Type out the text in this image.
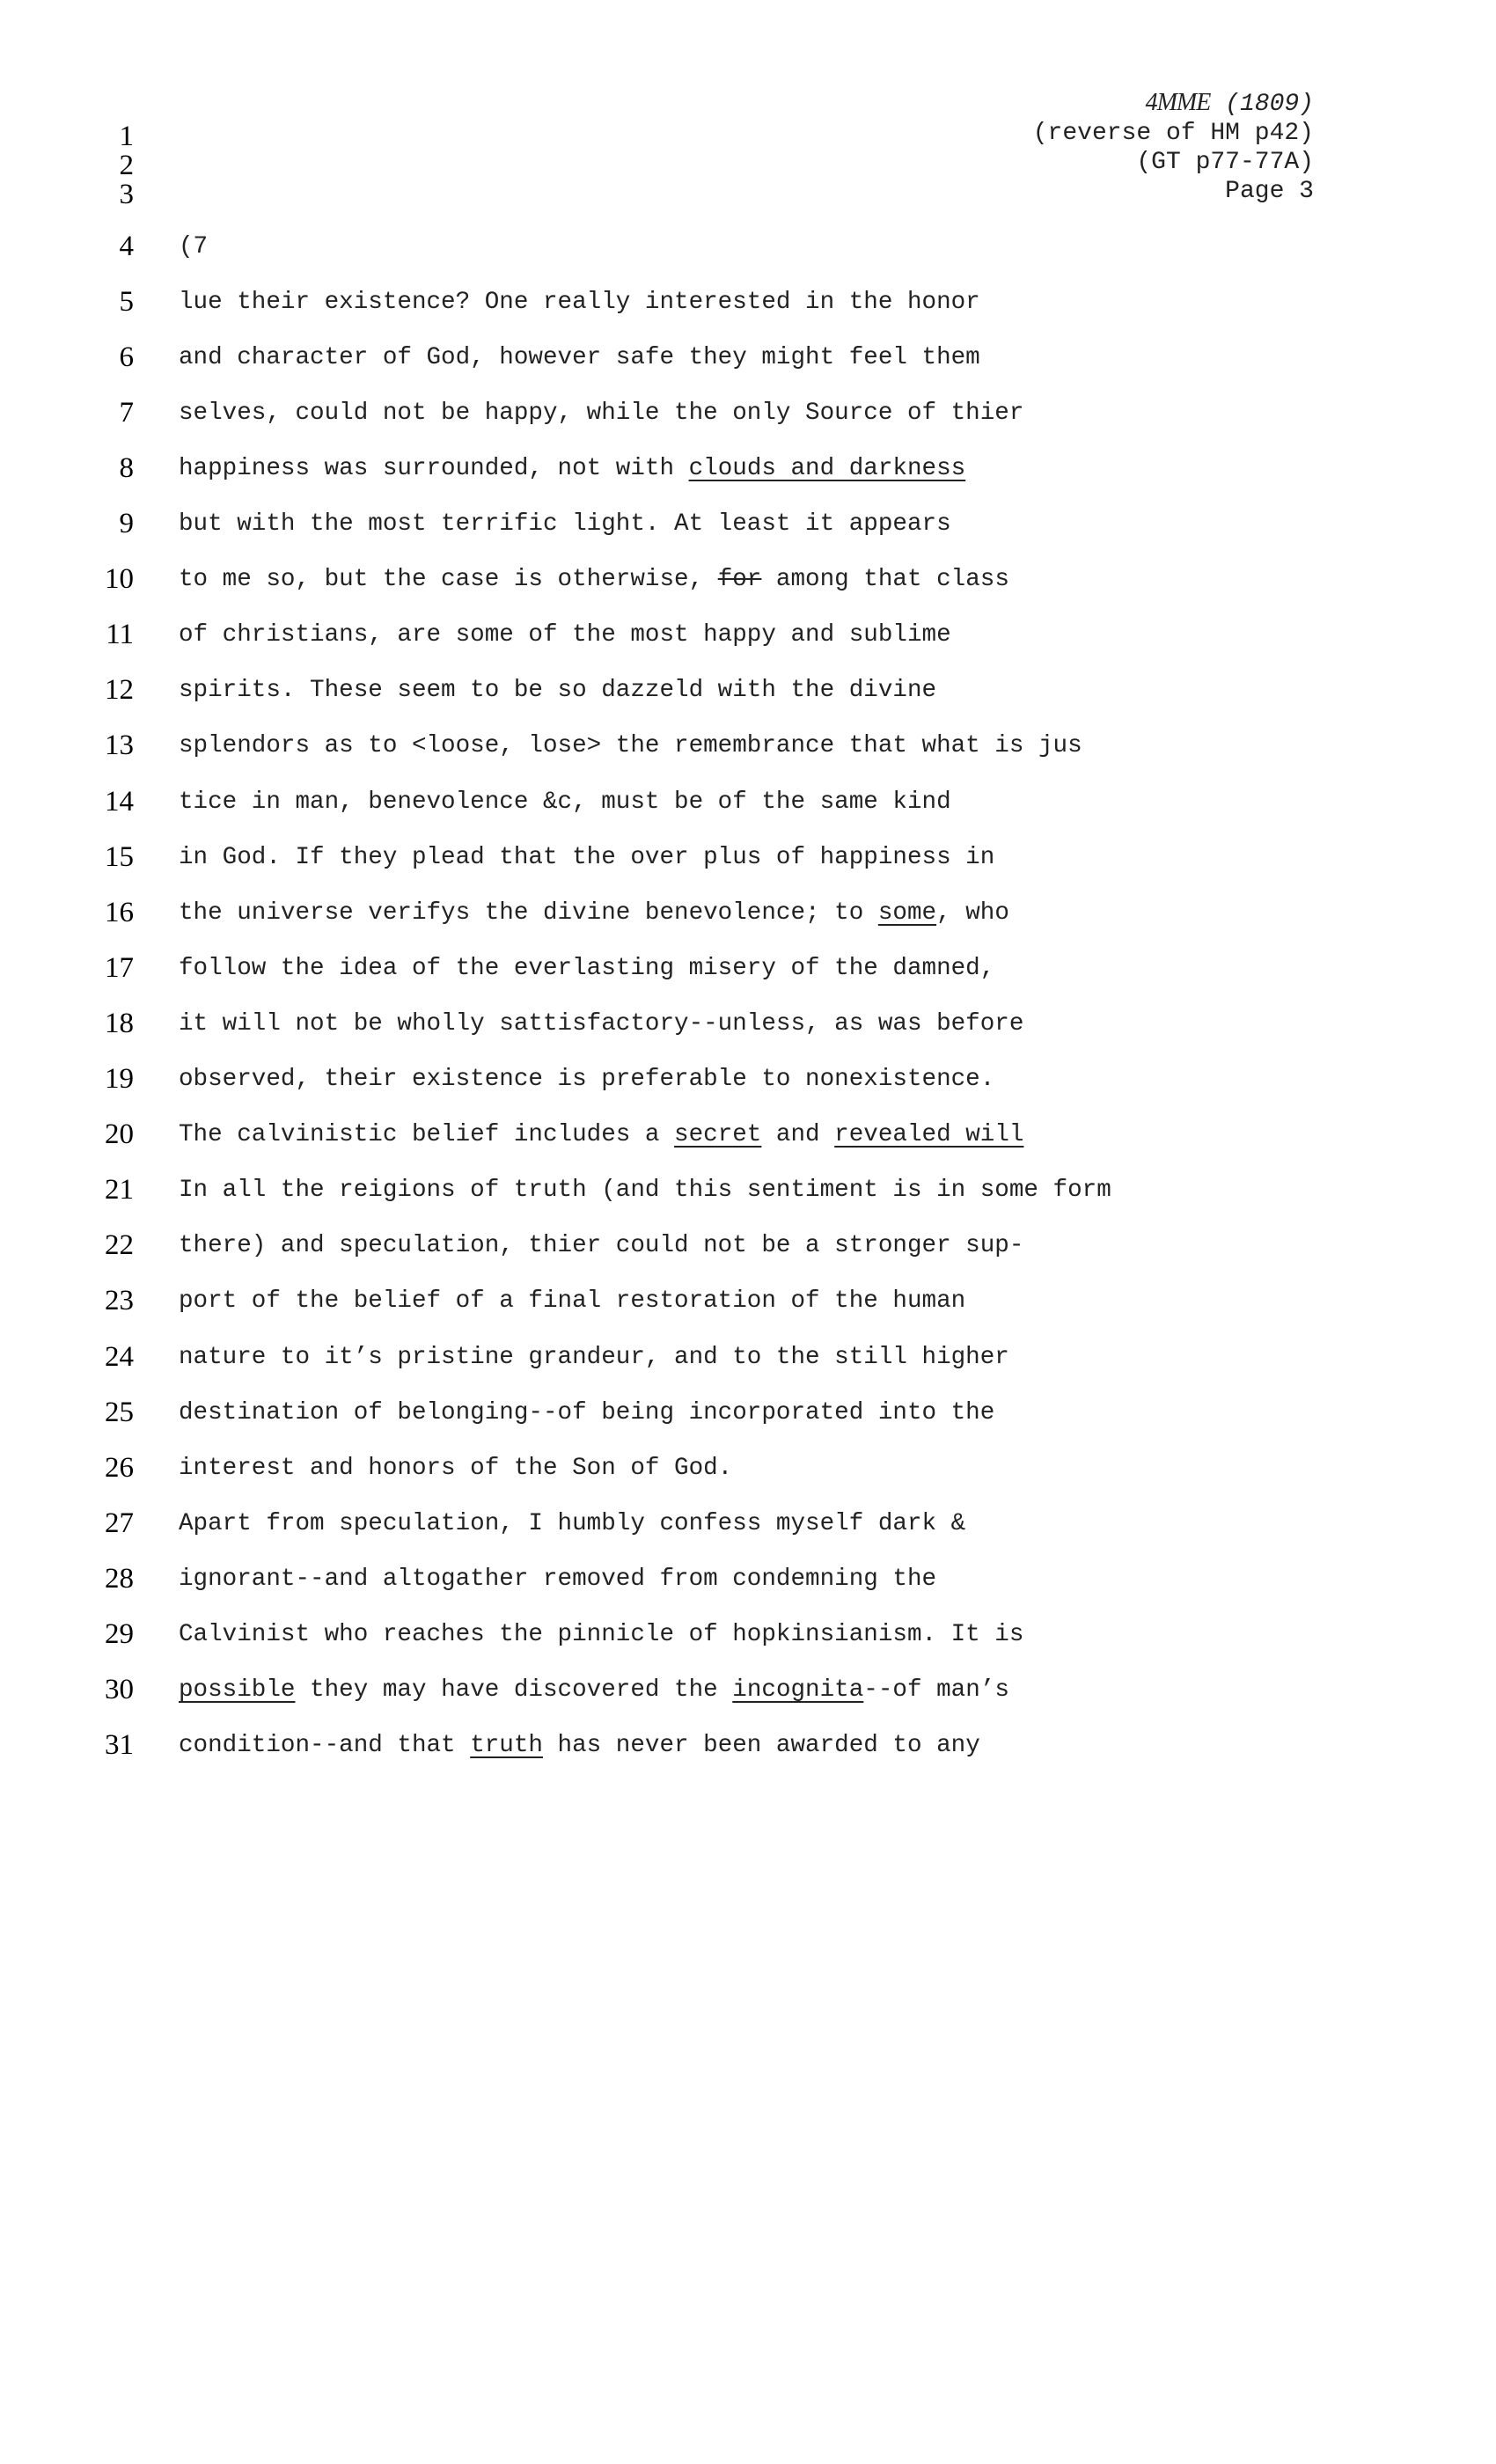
4MME (1809)
(reverse of HM p42)
(GT p77-77A)
Page 3
1
2
3
4 (7
5 lue their existence? One really interested in the honor
6 and character of God, however safe they might feel them
7 selves, could not be happy, while the only Source of thier
8 happiness was surrounded, not with clouds and darkness
9 but with the most terrific light. At least it appears
10 to me so, but the case is otherwise, for among that class
11 of christians, are some of the most happy and sublime
12 spirits. These seem to be so dazzeld with the divine
13 splendors as to <loose, lose> the remembrance that what is jus
14 tice in man, benevolence &c, must be of the same kind
15 in God. If they plead that the over plus of happiness in
16 the universe verifys the divine benevolence; to some, who
17 follow the idea of the everlasting misery of the damned,
18 it will not be wholly sattisfactory--unless, as was before
19 observed, their existence is preferable to nonexistence.
20 The calvinistic belief includes a secret and revealed will
21 In all the reigions of truth (and this sentiment is in some form
22 there) and speculation, thier could not be a stronger sup-
23 port of the belief of a final restoration of the human
24 nature to it’s pristine grandeur, and to the still higher
25 destination of belonging--of being incorporated into the
26 interest and honors of the Son of God.
27 Apart from speculation, I humbly confess myself dark &
28 ignorant--and altogather removed from condemning the
29 Calvinist who reaches the pinnicle of hopkinsianism. It is
30 possible they may have discovered the incognita--of man’s
31 condition--and that truth has never been awarded to any
